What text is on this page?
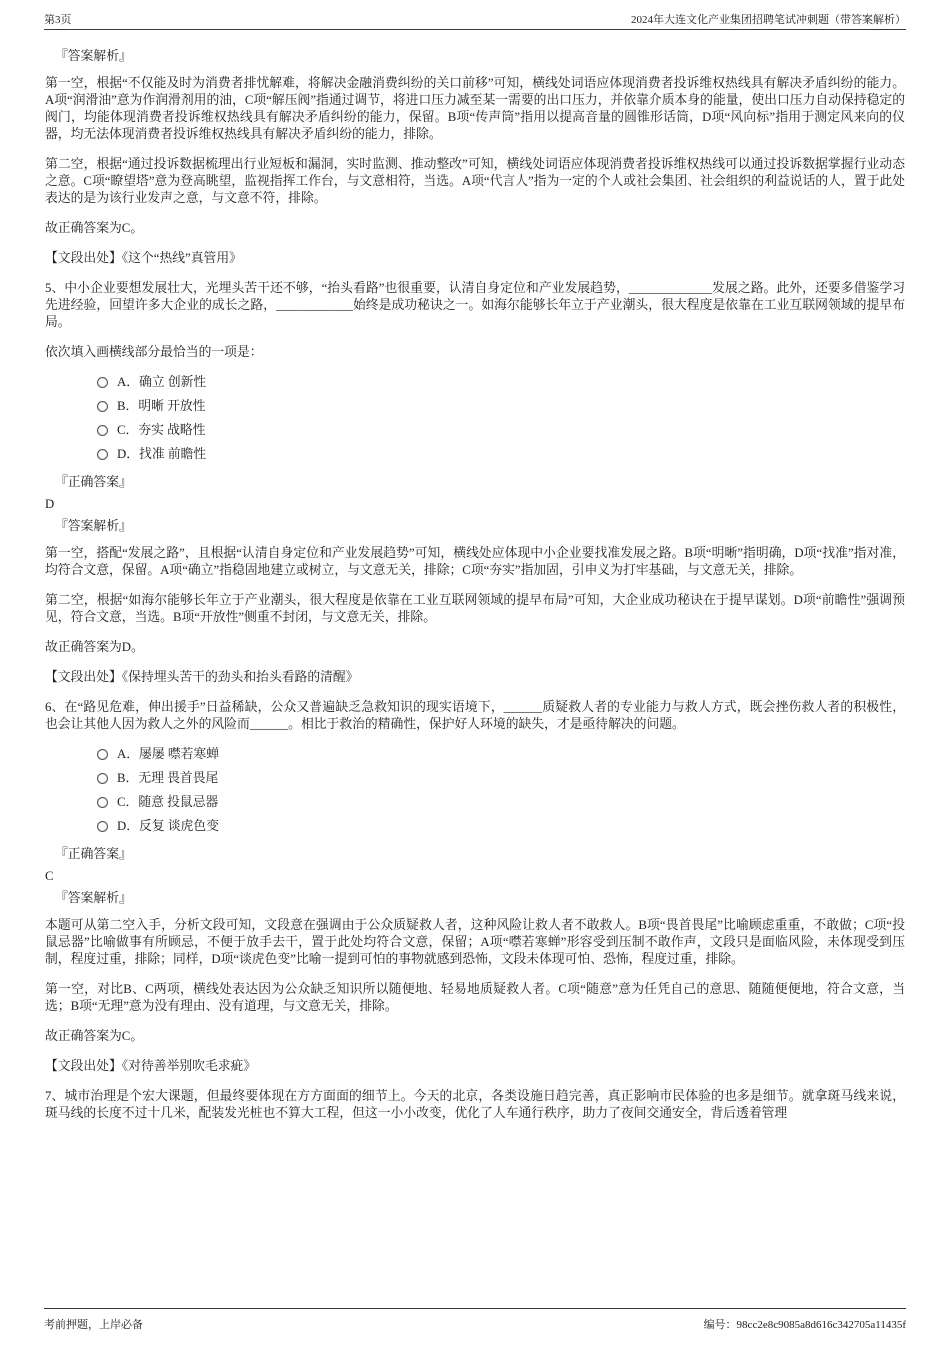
第3页	2024年大连文化产业集团招聘笔试冲刺题（带答案解析）

『答案解析』

第一空，根据“不仅能及时为消费者排忧解难，将解决金融消费纠纷的关口前移”可知，横线处词语应体现消费者投诉维权热线具有解决矛盾纠纷的能力。A项“润滑油”意为作润滑剂用的油，C项“解压阀”指通过调节，将进口压力减至某一需要的出口压力，并依靠介质本身的能量，使出口压力自动保持稳定的阀门，均能体现消费者投诉维权热线具有解决矛盾纠纷的能力，保留。B项“传声筒”指用以提高音量的圆锥形话筒，D项“风向标”指用于测定风来向的仪器，均无法体现消费者投诉维权热线具有解决矛盾纠纷的能力，排除。

第二空，根据“通过投诉数据梳理出行业短板和漏洞，实时监测、推动整改”可知，横线处词语应体现消费者投诉维权热线可以通过投诉数据掌握行业动态之意。C项“瞭望塔”意为登高眺望，监视指挥工作台，与文意相符，当选。A项“代言人”指为一定的个人或社会集团、社会组织的利益说话的人，置于此处表达的是为该行业发声之意，与文意不符，排除。

故正确答案为C。

【文段出处】《这个“热线”真管用》

5、中小企业要想发展壮大，光埋头苦干还不够，“抬头看路”也很重要，认清自身定位和产业发展趋势，_____________发展之路。此外，还要多借鉴学习先进经验，回望许多大企业的成长之路，____________始终是成功秘诀之一。如海尔能够长年立于产业潮头，很大程度是依靠在工业互联网领域的提早布局。

依次填入画横线部分最恰当的一项是：

A．确立 创新性
B．明晰 开放性
C．夯实 战略性
D．找准 前瞻性

『正确答案』

D

『答案解析』

第一空，搭配“发展之路”，且根据“认清自身定位和产业发展趋势”可知，横线处应体现中小企业要找准发展之路。B项“明晰”指明确，D项“找准”指对准，均符合文意，保留。A项“确立”指稳固地建立或树立，与文意无关，排除；C项“夯实”指加固，引申义为打牢基础，与文意无关，排除。

第二空，根据“如海尔能够长年立于产业潮头，很大程度是依靠在工业互联网领域的提早布局”可知，大企业成功秘诀在于提早谋划。D项“前瞻性”强调预见，符合文意，当选。B项“开放性”侧重不封闭，与文意无关，排除。

故正确答案为D。

【文段出处】《保持埋头苦干的劲头和抬头看路的清醒》

6、在“路见危难，伸出援手”日益稀缺，公众又普遍缺乏急救知识的现实语境下，______质疑救人者的专业能力与救人方式，既会挫伤救人者的积极性，也会让其他人因为救人之外的风险而______。相比于救治的精确性，保护好人环境的缺失，才是亟待解决的问题。

A．屡屡 噤若寒蝉
B．无理 畏首畏尾
C．随意 投鼠忌器
D．反复 谈虎色变

『正确答案』

C

『答案解析』

本题可从第二空入手，分析文段可知，文段意在强调由于公众质疑救人者，这种风险让救人者不敢救人。B项“畏首畏尾”比喻顾虑重重，不敢做；C项“投鼠忌器”比喻做事有所顾忌，不便于放手去干，置于此处均符合文意，保留；A项“噤若寒蝉”形容受到压制不敢作声，文段只是面临风险，未体现受到压制，程度过重，排除；同样，D项“谈虎色变”比喻一提到可怕的事物就感到恐怖，文段未体现可怕、恐怖，程度过重，排除。

第一空，对比B、C两项，横线处表达因为公众缺乏知识所以随便地、轻易地质疑救人者。C项“随意”意为任凭自己的意思、随随便便地，符合文意，当选；B项“无理”意为没有理由、没有道理，与文意无关，排除。

故正确答案为C。

【文段出处】《对待善举别吹毛求疵》

7、城市治理是个宏大课题，但最终要体现在方方面面的细节上。今天的北京，各类设施日趋完善，真正影响市民体验的也多是细节。就拿斑马线来说，斑马线的长度不过十几米，配装发光桩也不算大工程，但这一小小改变，优化了人车通行秩序，助力了夜间交通安全，背后透着管理

考前押题，上岸必备	编号：98cc2e8c9085a8d616c342705a11435f
